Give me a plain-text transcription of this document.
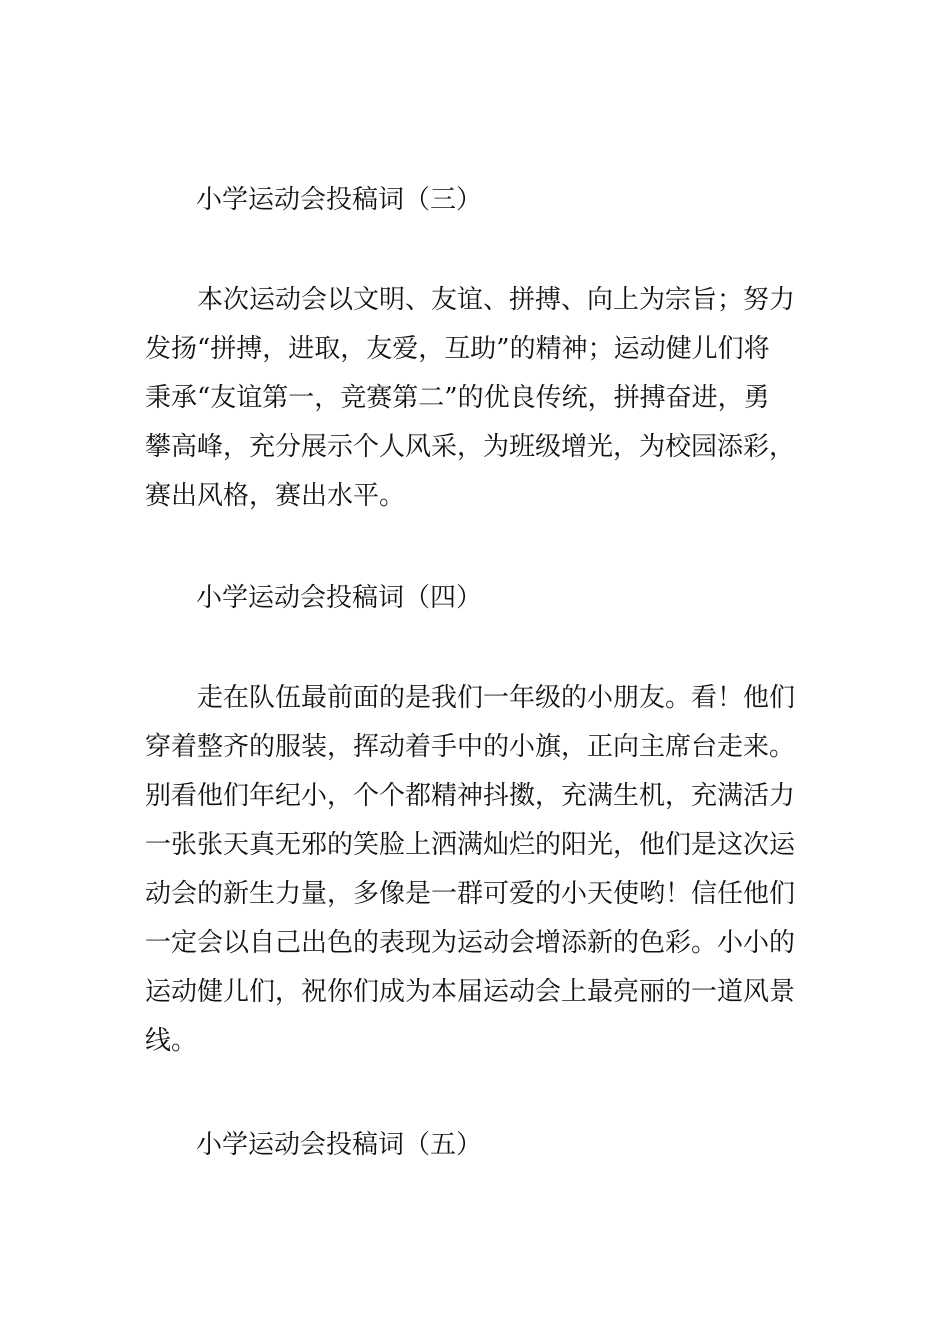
小学运动会投稿词（三）
本次运动会以文明、友谊、拼搏、向上为宗旨；努力
发扬“拼搏，进取，友爱，互助”的精神；运动健儿们将
秉承“友谊第一，竞赛第二”的优良传统，拼搏奋进，勇
攀高峰，充分展示个人风采，为班级增光，为校园添彩，
赛出风格，赛出水平。
小学运动会投稿词（四）
走在队伍最前面的是我们一年级的小朋友。看！他们
穿着整齐的服装，挥动着手中的小旗，正向主席台走来。
别看他们年纪小，个个都精神抖擞，充满生机，充满活力
一张张天真无邪的笑脸上洒满灿烂的阳光，他们是这次运
动会的新生力量，多像是一群可爱的小天使哟！信任他们
一定会以自己出色的表现为运动会增添新的色彩。小小的
运动健儿们，祝你们成为本届运动会上最亮丽的一道风景
线。
小学运动会投稿词（五）
